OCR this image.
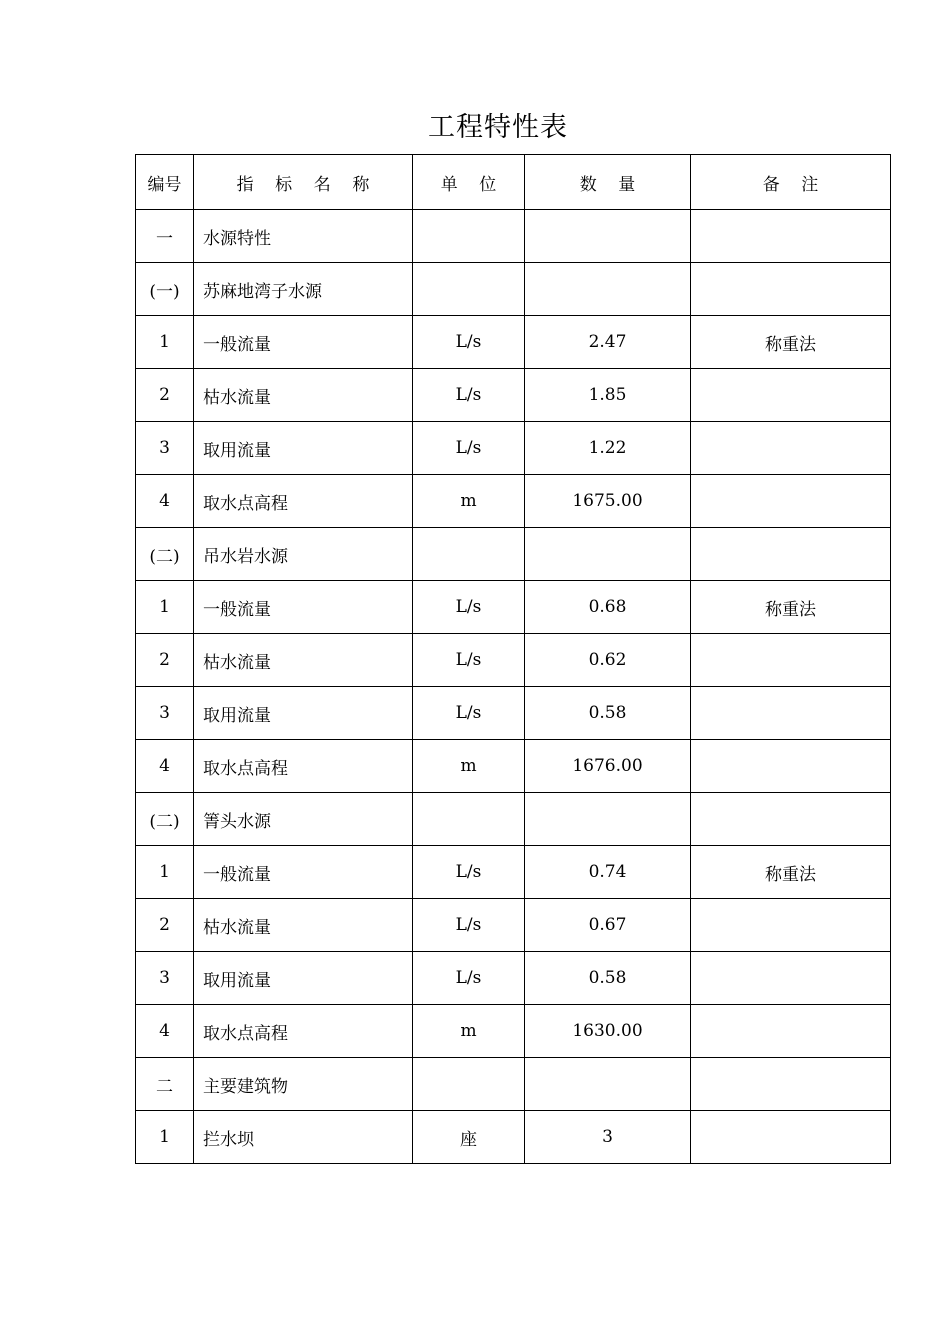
工程特性表
编号	指    标    名    称	单    位	数    量	备    注
一	水源特性			
(一)	苏麻地湾子水源			
1	一般流量	L/s	2.47	称重法
2	枯水流量	L/s	1.85	
3	取用流量	L/s	1.22	
4	取水点高程	m	1675.00	
(二)	吊水岩水源			
1	一般流量	L/s	0.68	称重法
2	枯水流量	L/s	0.62	
3	取用流量	L/s	0.58	
4	取水点高程	m	1676.00	
(二)	箐头水源			
1	一般流量	L/s	0.74	称重法
2	枯水流量	L/s	0.67	
3	取用流量	L/s	0.58	
4	取水点高程	m	1630.00	
二	主要建筑物			
1	拦水坝	座	3	
